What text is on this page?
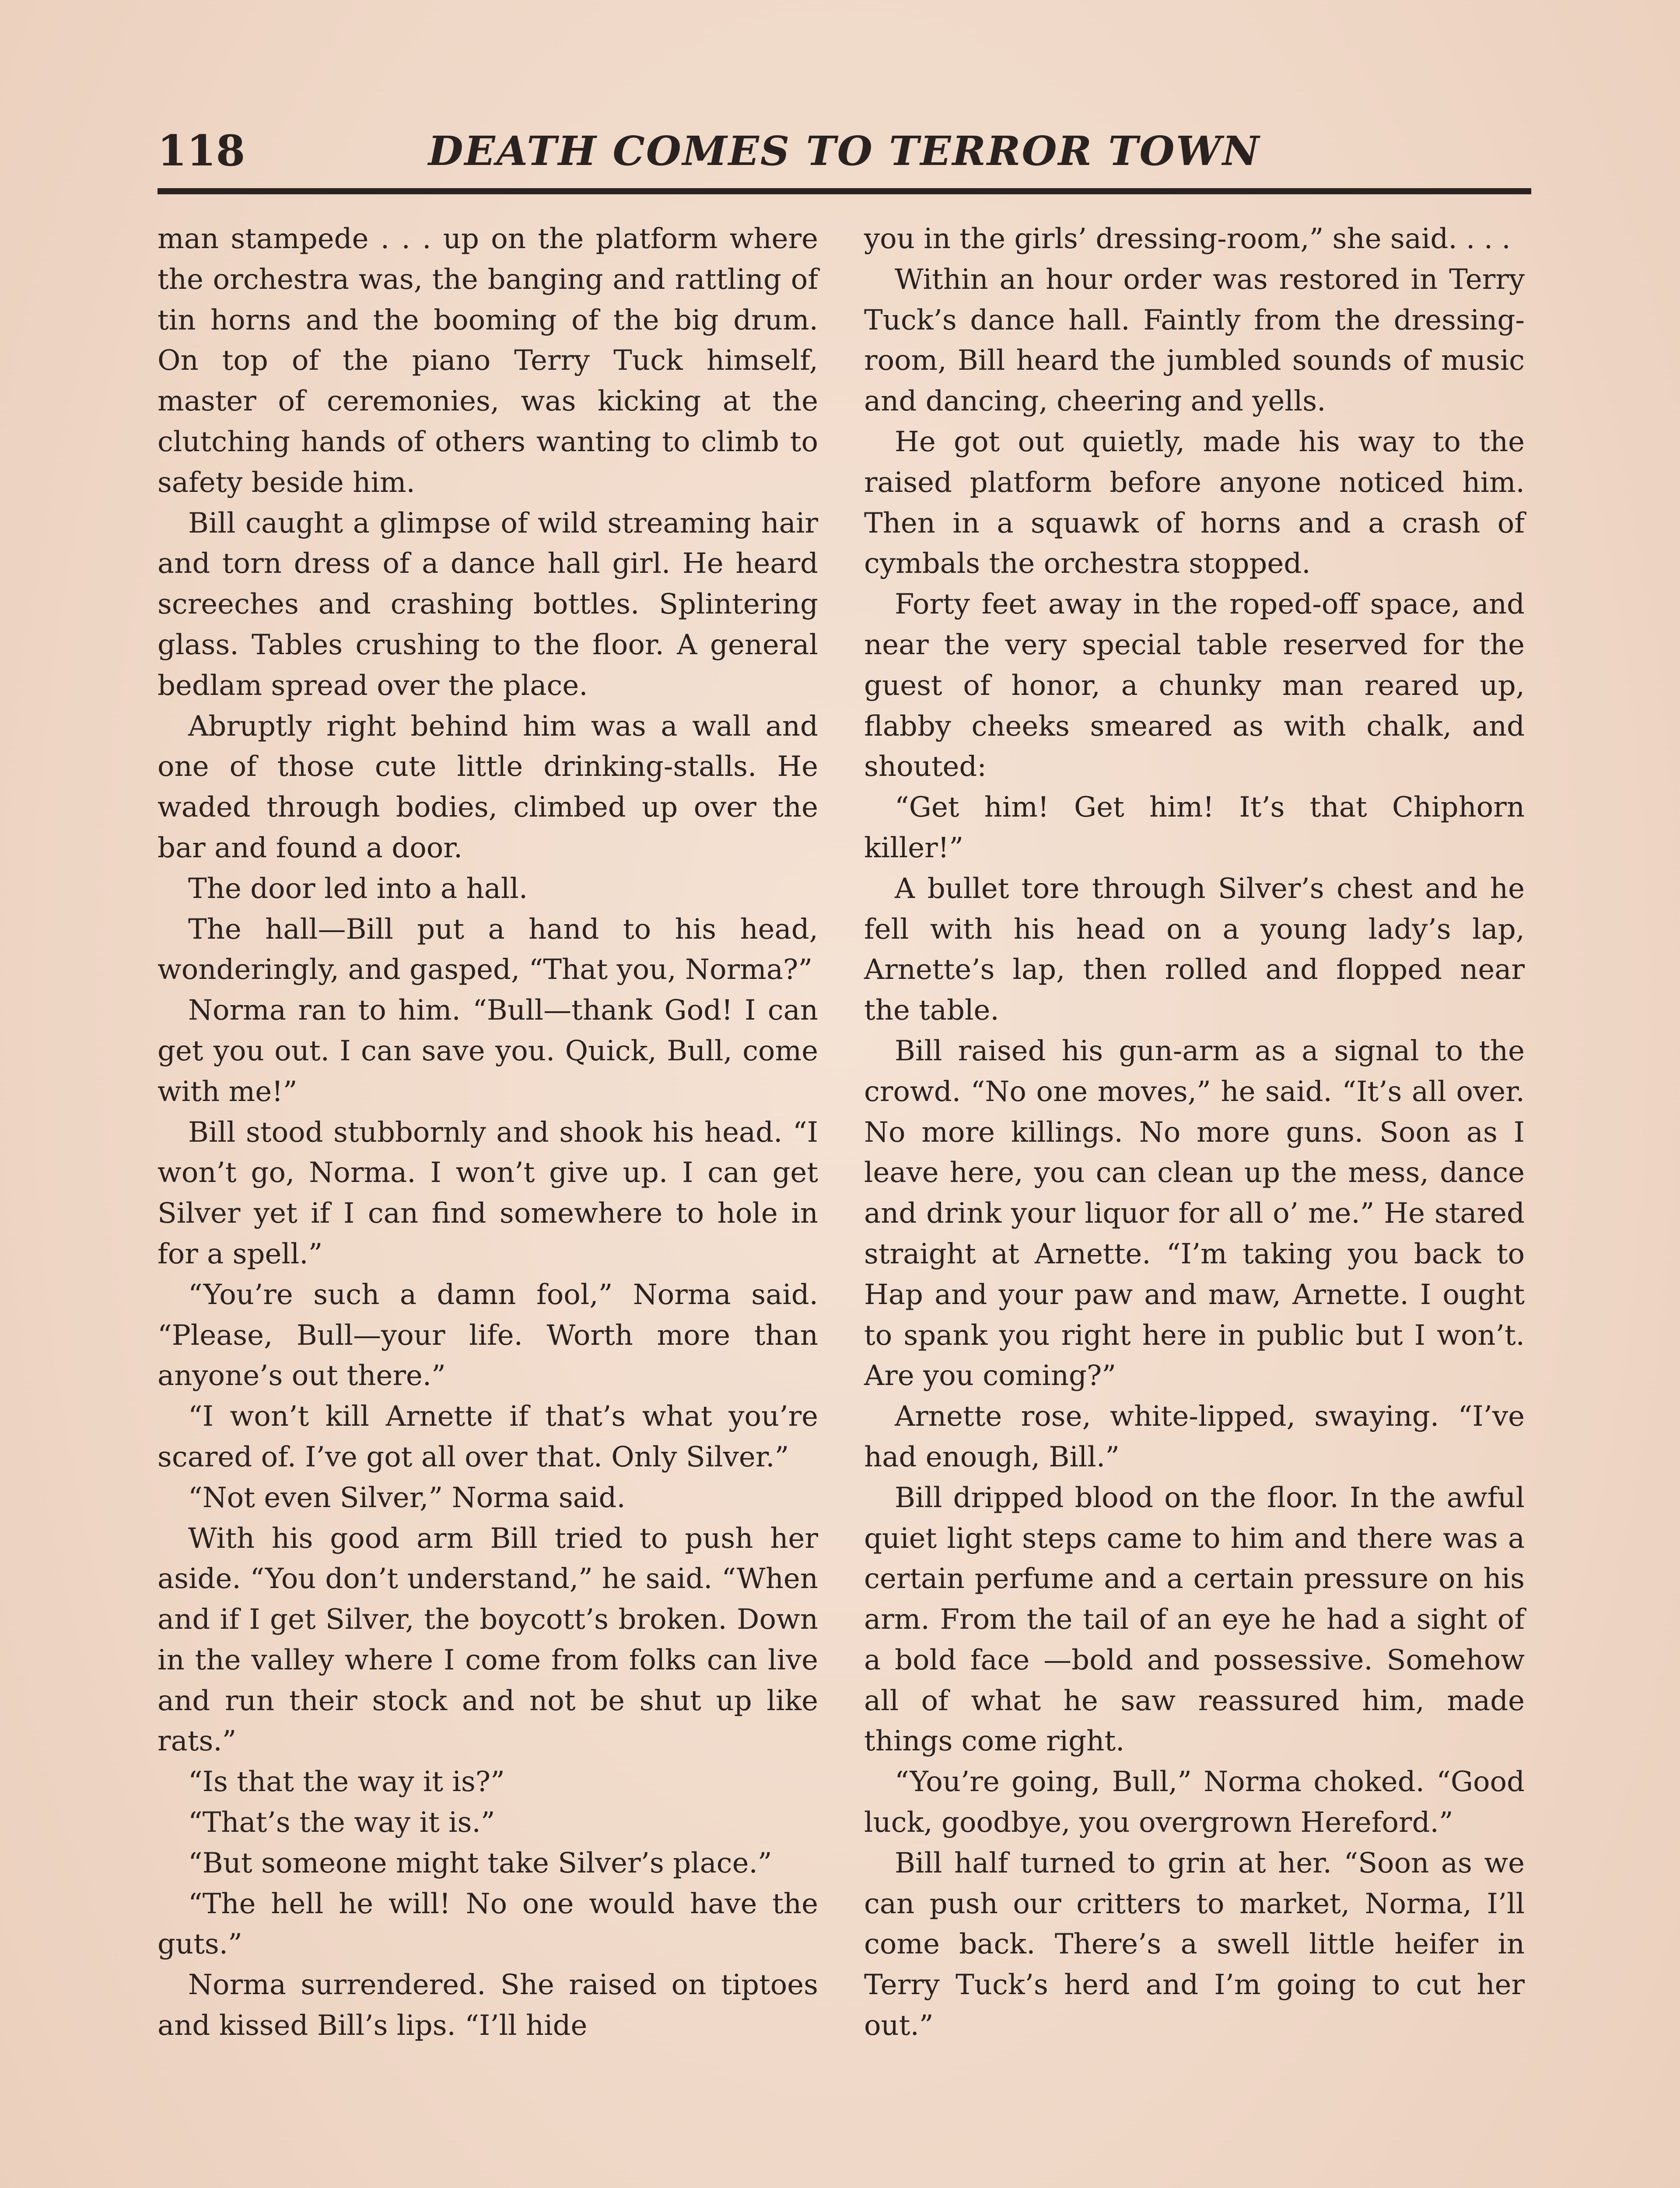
118	DEATH COMES TO TERROR TOWN

man stampede . . . up on the platform where the orchestra was, the banging and rattling of tin horns and the booming of the big drum. On top of the piano Terry Tuck himself, master of ceremonies, was kicking at the clutching hands of others wanting to climb to safety beside him.

Bill caught a glimpse of wild streaming hair and torn dress of a dance hall girl. He heard screeches and crashing bottles. Splintering glass. Tables crushing to the floor. A general bedlam spread over the place.

Abruptly right behind him was a wall and one of those cute little drinking-stalls. He waded through bodies, climbed up over the bar and found a door.

The door led into a hall.

The hall—Bill put a hand to his head, wonderingly, and gasped, “That you, Norma?”

Norma ran to him. “Bull—thank God! I can get you out. I can save you. Quick, Bull, come with me!”

Bill stood stubbornly and shook his head. “I won’t go, Norma. I won’t give up. I can get Silver yet if I can find somewhere to hole in for a spell.”

“You’re such a damn fool,” Norma said. “Please, Bull—your life. Worth more than anyone’s out there.”

“I won’t kill Arnette if that’s what you’re scared of. I’ve got all over that. Only Silver.”

“Not even Silver,” Norma said.

With his good arm Bill tried to push her aside. “You don’t understand,” he said. “When and if I get Silver, the boycott’s broken. Down in the valley where I come from folks can live and run their stock and not be shut up like rats.”

“Is that the way it is?”

“That’s the way it is.”

“But someone might take Silver’s place.”

“The hell he will! No one would have the guts.”

Norma surrendered. She raised on tiptoes and kissed Bill’s lips. “I’ll hide

you in the girls’ dressing-room,” she said. . . .

Within an hour order was restored in Terry Tuck’s dance hall. Faintly from the dressing-room, Bill heard the jumbled sounds of music and dancing, cheering and yells.

He got out quietly, made his way to the raised platform before anyone noticed him. Then in a squawk of horns and a crash of cymbals the orchestra stopped.

Forty feet away in the roped-off space, and near the very special table reserved for the guest of honor, a chunky man reared up, flabby cheeks smeared as with chalk, and shouted:

“Get him! Get him! It’s that Chiphorn killer!”

A bullet tore through Silver’s chest and he fell with his head on a young lady’s lap, Arnette’s lap, then rolled and flopped near the table.

Bill raised his gun-arm as a signal to the crowd. “No one moves,” he said. “It’s all over. No more killings. No more guns. Soon as I leave here, you can clean up the mess, dance and drink your liquor for all o’ me.” He stared straight at Arnette. “I’m taking you back to Hap and your paw and maw, Arnette. I ought to spank you right here in public but I won’t. Are you coming?”

Arnette rose, white-lipped, swaying. “I’ve had enough, Bill.”

Bill dripped blood on the floor. In the awful quiet light steps came to him and there was a certain perfume and a certain pressure on his arm. From the tail of an eye he had a sight of a bold face —bold and possessive. Somehow all of what he saw reassured him, made things come right.

“You’re going, Bull,” Norma choked. “Good luck, goodbye, you overgrown Hereford.”

Bill half turned to grin at her. “Soon as we can push our critters to market, Norma, I’ll come back. There’s a swell little heifer in Terry Tuck’s herd and I’m going to cut her out.”
